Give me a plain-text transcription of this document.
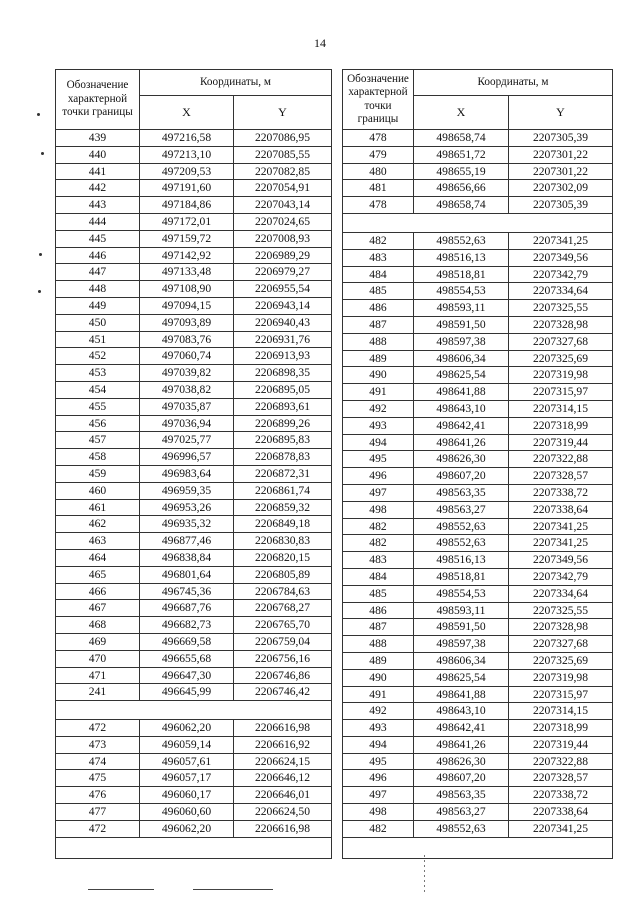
14
Обозначение характерной точки границы	Координаты, м	
	X	Y
439	497216,58	2207086,95
440	497213,10	2207085,55
441	497209,53	2207082,85
442	497191,60	2207054,91
443	497184,86	2207043,14
444	497172,01	2207024,65
445	497159,72	2207008,93
446	497142,92	2206989,29
447	497133,48	2206979,27
448	497108,90	2206955,54
449	497094,15	2206943,14
450	497093,89	2206940,43
451	497083,76	2206931,76
452	497060,74	2206913,93
453	497039,82	2206898,35
454	497038,82	2206895,05
455	497035,87	2206893,61
456	497036,94	2206899,26
457	497025,77	2206895,83
458	496996,57	2206878,83
459	496983,64	2206872,31
460	496959,35	2206861,74
461	496953,26	2206859,32
462	496935,32	2206849,18
463	496877,46	2206830,83
464	496838,84	2206820,15
465	496801,64	2206805,89
466	496745,36	2206784,63
467	496687,76	2206768,27
468	496682,73	2206765,70
469	496669,58	2206759,04
470	496655,68	2206756,16
471	496647,30	2206746,86
241	496645,99	2206746,42

472	496062,20	2206616,98
473	496059,14	2206616,92
474	496057,61	2206624,15
475	496057,17	2206646,12
476	496060,17	2206646,01
477	496060,60	2206624,50
472	496062,20	2206616,98

Обозначение характерной точки границы	Координаты, м	
	X	Y
478	498658,74	2207305,39
479	498651,72	2207301,22
480	498655,19	2207301,22
481	498656,66	2207302,09
478	498658,74	2207305,39

482	498552,63	2207341,25
483	498516,13	2207349,56
484	498518,81	2207342,79
485	498554,53	2207334,64
486	498593,11	2207325,55
487	498591,50	2207328,98
488	498597,38	2207327,68
489	498606,34	2207325,69
490	498625,54	2207319,98
491	498641,88	2207315,97
492	498643,10	2207314,15
493	498642,41	2207318,99
494	498641,26	2207319,44
495	498626,30	2207322,88
496	498607,20	2207328,57
497	498563,35	2207338,72
498	498563,27	2207338,64
482	498552,63	2207341,25
482	498552,63	2207341,25
483	498516,13	2207349,56
484	498518,81	2207342,79
485	498554,53	2207334,64
486	498593,11	2207325,55
487	498591,50	2207328,98
488	498597,38	2207327,68
489	498606,34	2207325,69
490	498625,54	2207319,98
491	498641,88	2207315,97
492	498643,10	2207314,15
493	498642,41	2207318,99
494	498641,26	2207319,44
495	498626,30	2207322,88
496	498607,20	2207328,57
497	498563,35	2207338,72
498	498563,27	2207338,64
482	498552,63	2207341,25
